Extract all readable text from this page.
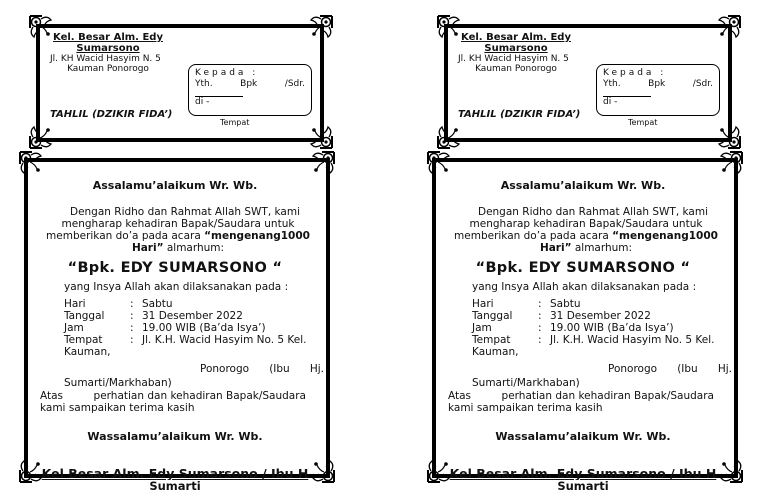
Kel. Besar Alm. Edy
Sumarsono
Jl. KH Wacid Hasyim N. 5
Kauman Ponorogo
TAHLIL (DZIKIR FIDA’)
Kepada :
Yth.	Bpk	/Sdr.
di -
Tempat
Assalamu’alaikum Wr. Wb.
Dengan Ridho dan Rahmat Allah SWT, kami
mengharap kehadiran Bapak/Saudara untuk
memberikan do’a pada acara “mengenang1000
Hari” almarhum:
“Bpk. EDY SUMARSONO “
yang Insya Allah akan dilaksanakan pada :
Hari	: Sabtu
Tanggal	: 31 Desember 2022
Jam	: 19.00 WIB (Ba’da Isya’)
Tempat	: Jl. K.H. Wacid Hasyim No. 5 Kel.
Kauman,
Ponorogo (Ibu Hj.
Sumarti/Markhaban)
Atas	perhatian dan kehadiran Bapak/Saudara
kami sampaikan terima kasih
Wassalamu’alaikum Wr. Wb.
Kel Besar Alm. Edy Sumarsono / Ibu H
Sumarti
Kel. Besar Alm. Edy
Sumarsono
Jl. KH Wacid Hasyim N. 5
Kauman Ponorogo
TAHLIL (DZIKIR FIDA’)
Kepada :
Yth.	Bpk	/Sdr.
di -
Tempat
Assalamu’alaikum Wr. Wb.
Dengan Ridho dan Rahmat Allah SWT, kami
mengharap kehadiran Bapak/Saudara untuk
memberikan do’a pada acara “mengenang1000
Hari” almarhum:
“Bpk. EDY SUMARSONO “
yang Insya Allah akan dilaksanakan pada :
Hari	: Sabtu
Tanggal	: 31 Desember 2022
Jam	: 19.00 WIB (Ba’da Isya’)
Tempat	: Jl. K.H. Wacid Hasyim No. 5 Kel.
Kauman,
Ponorogo (Ibu Hj.
Sumarti/Markhaban)
Atas	perhatian dan kehadiran Bapak/Saudara
kami sampaikan terima kasih
Wassalamu’alaikum Wr. Wb.
Kel Besar Alm. Edy Sumarsono / Ibu H
Sumarti
